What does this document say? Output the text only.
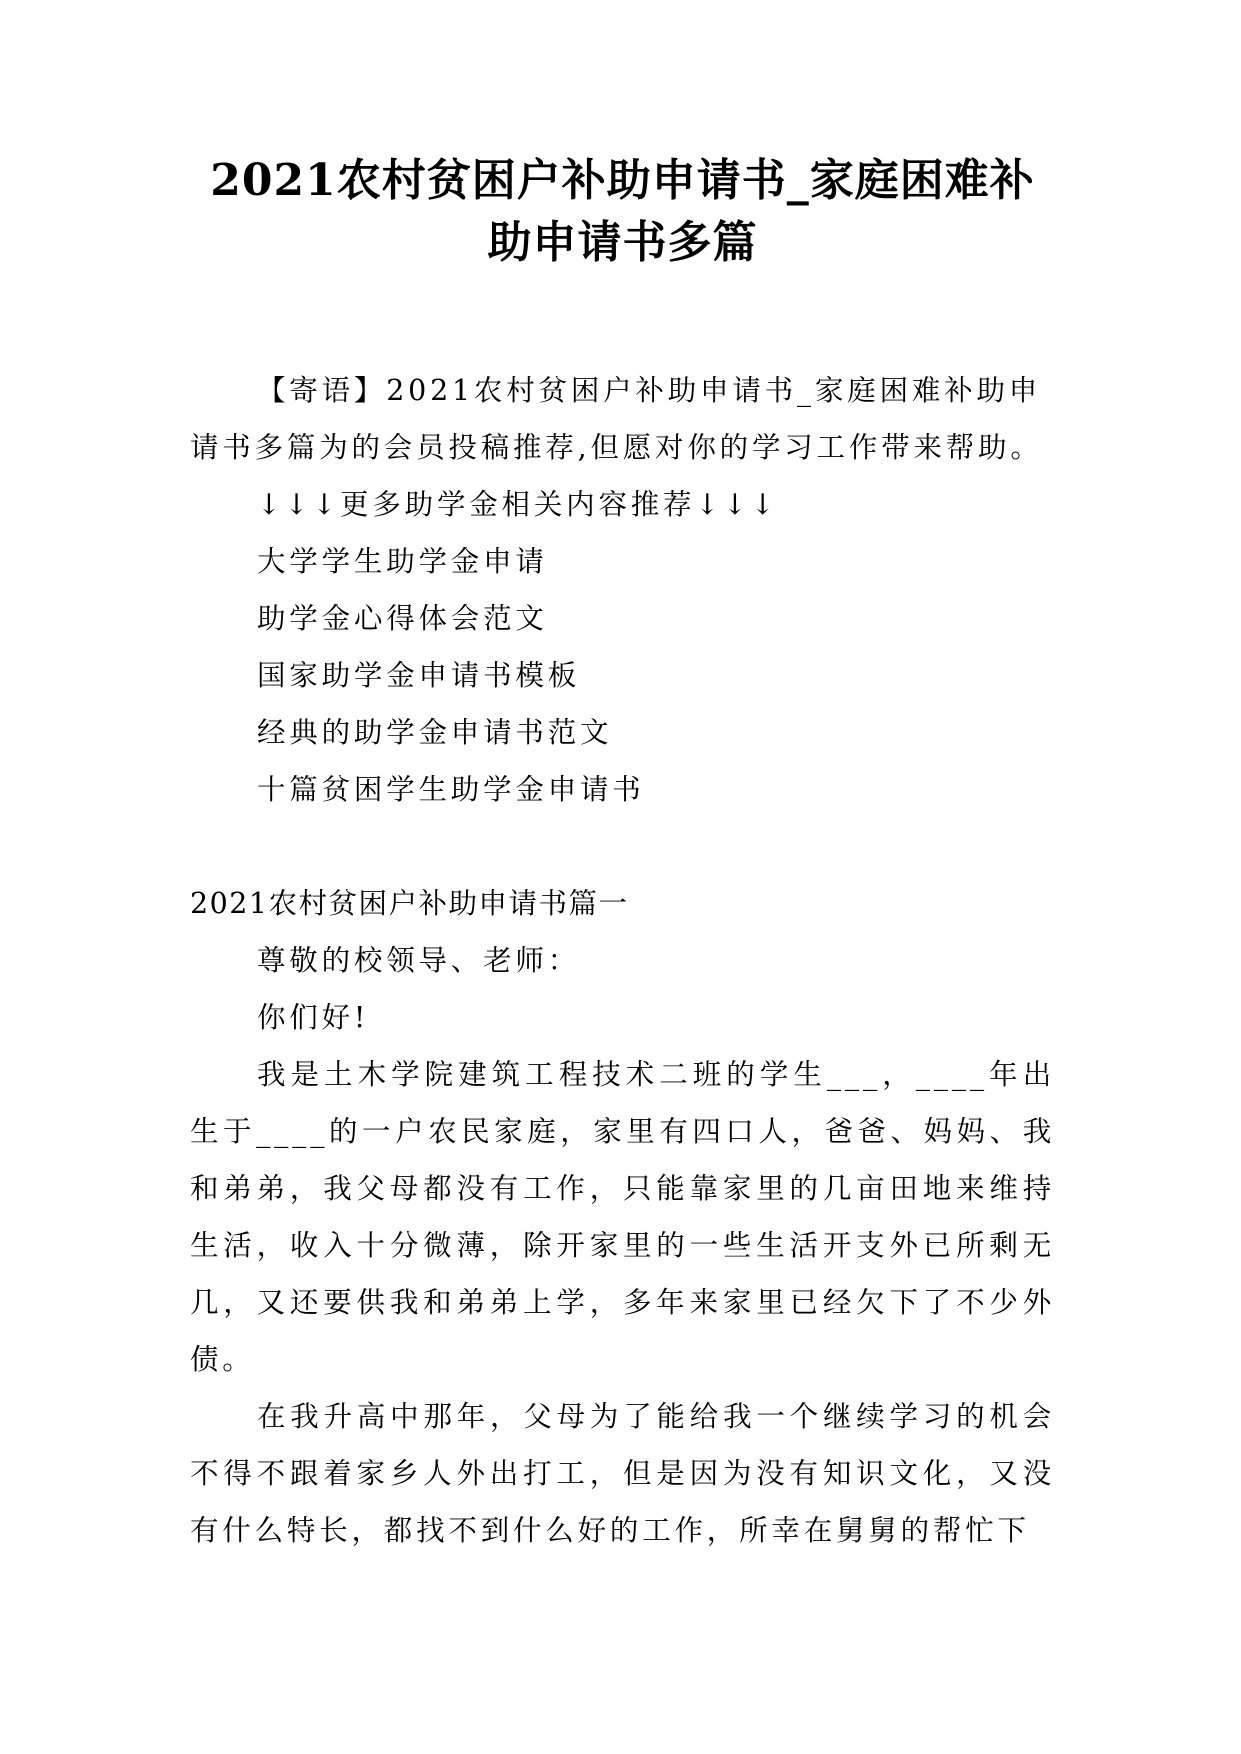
2021农村贫困户补助申请书_家庭困难补助申请书多篇

【寄语】2021农村贫困户补助申请书_家庭困难补助申请书多篇为的会员投稿推荐,但愿对你的学习工作带来帮助。

↓↓↓更多助学金相关内容推荐↓↓↓
大学学生助学金申请
助学金心得体会范文
国家助学金申请书模板
经典的助学金申请书范文
十篇贫困学生助学金申请书
2021农村贫困户补助申请书篇一

尊敬的校领导、老师：

你们好!

我是土木学院建筑工程技术二班的学生___，____年出生于____的一户农民家庭，家里有四口人，爸爸、妈妈、我和弟弟，我父母都没有工作，只能靠家里的几亩田地来维持生活，收入十分微薄，除开家里的一些生活开支外已所剩无几，又还要供我和弟弟上学，多年来家里已经欠下了不少外债。

在我升高中那年，父母为了能给我一个继续学习的机会不得不跟着家乡人外出打工，但是因为没有知识文化，又没有什么特长，都找不到什么好的工作，所幸在舅舅的帮忙下
